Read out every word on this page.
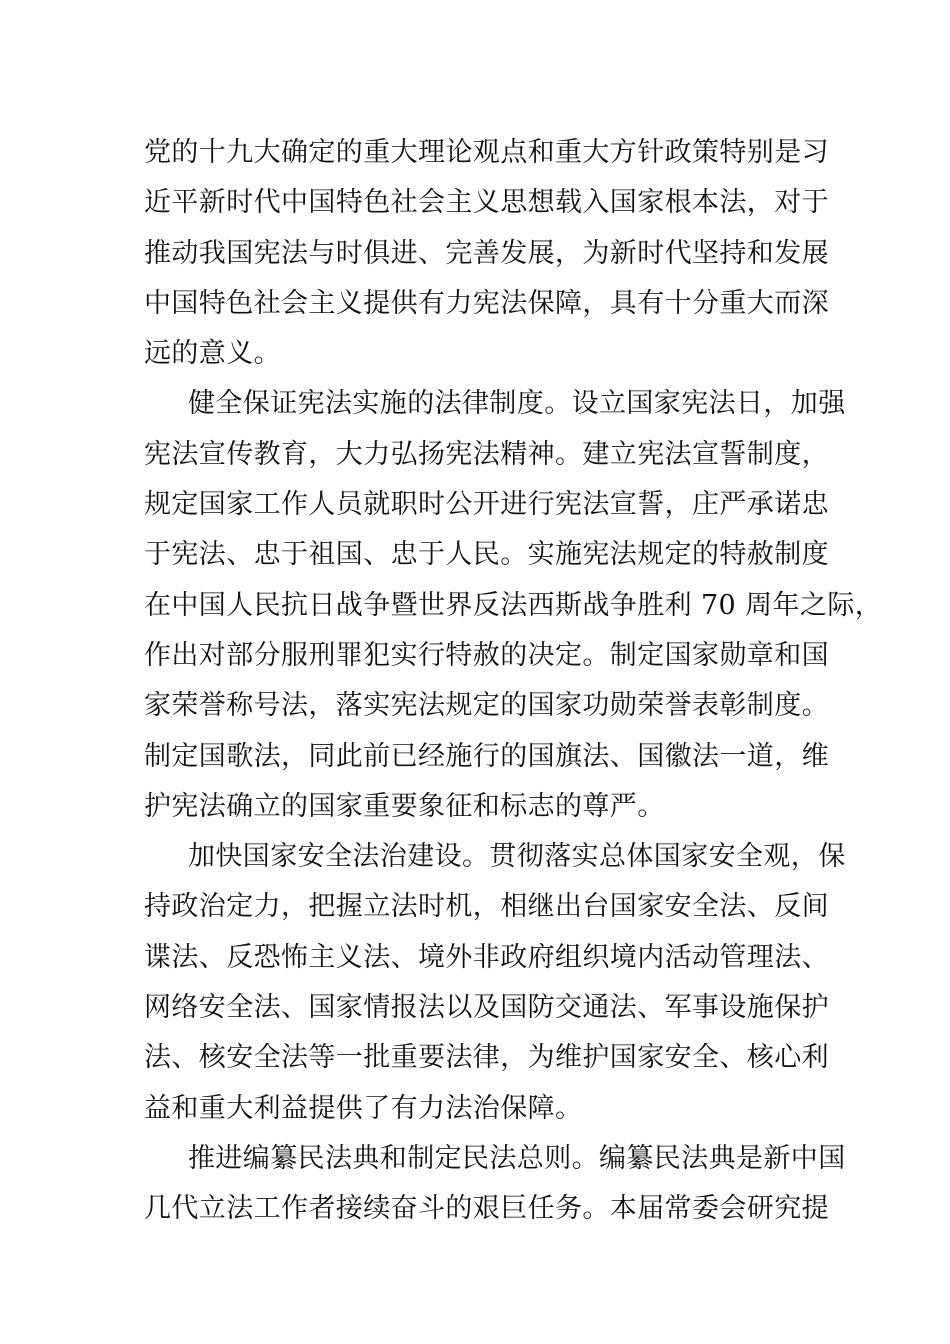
党的十九大确定的重大理论观点和重大方针政策特别是习
近平新时代中国特色社会主义思想载入国家根本法，对于
推动我国宪法与时俱进、完善发展，为新时代坚持和发展
中国特色社会主义提供有力宪法保障，具有十分重大而深
远的意义。
健全保证宪法实施的法律制度。设立国家宪法日，加强
宪法宣传教育，大力弘扬宪法精神。建立宪法宣誓制度，
规定国家工作人员就职时公开进行宪法宣誓，庄严承诺忠
于宪法、忠于祖国、忠于人民。实施宪法规定的特赦制度
在中国人民抗日战争暨世界反法西斯战争胜利 70 周年之际，
作出对部分服刑罪犯实行特赦的决定。制定国家勋章和国
家荣誉称号法，落实宪法规定的国家功勋荣誉表彰制度。
制定国歌法，同此前已经施行的国旗法、国徽法一道，维
护宪法确立的国家重要象征和标志的尊严。
加快国家安全法治建设。贯彻落实总体国家安全观，保
持政治定力，把握立法时机，相继出台国家安全法、反间
谍法、反恐怖主义法、境外非政府组织境内活动管理法、
网络安全法、国家情报法以及国防交通法、军事设施保护
法、核安全法等一批重要法律，为维护国家安全、核心利
益和重大利益提供了有力法治保障。
推进编纂民法典和制定民法总则。编纂民法典是新中国
几代立法工作者接续奋斗的艰巨任务。本届常委会研究提
